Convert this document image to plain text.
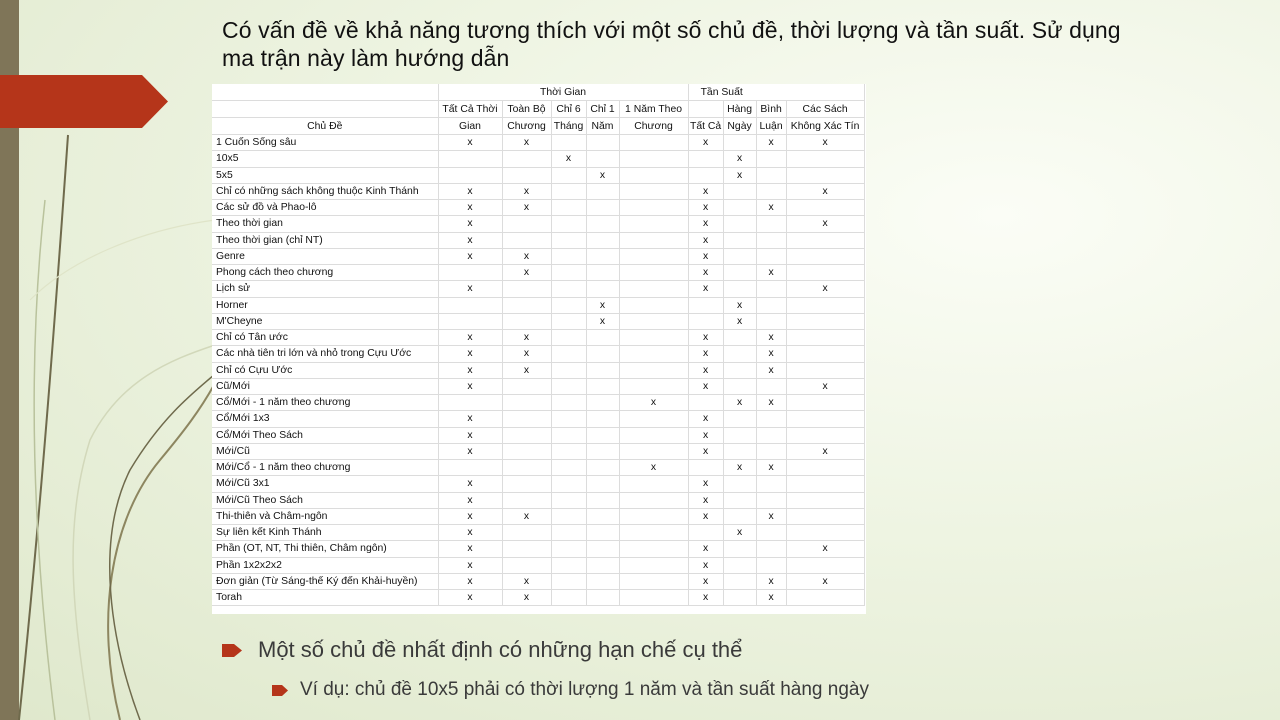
Có vấn đề về khả năng tương thích với một số chủ đề, thời lượng và tần suất. Sử dụng ma trận này làm hướng dẫn
	Thời Gian					Tần Suất			
	Tất Cả Thời	Toàn Bộ	Chỉ 6	Chỉ 1	1 Năm Theo		Hàng	Bình	Các Sách
Chủ Đề	Gian	Chương	Tháng	Năm	Chương	Tất Cả	Ngày	Luận	Không Xác Tín
1 Cuốn Sống sâu	x	x				x		x	x
10x5			x				x		
5x5				x			x		
Chỉ có những sách không thuộc Kinh Thánh	x	x				x			x
Các sử đồ và Phao-lô	x	x				x		x	
Theo thời gian	x					x			x
Theo thời gian (chỉ NT)	x					x			
Genre	x	x				x			
Phong cách theo chương		x				x		x	
Lịch sử	x					x			x
Horner				x			x		
M'Cheyne				x			x		
Chỉ có Tân ước	x	x				x		x	
Các nhà tiên tri lớn và nhỏ trong Cựu Ước	x	x				x		x	
Chỉ có Cựu Ước	x	x				x		x	
Cũ/Mới	x					x			x
Cổ/Mới - 1 năm theo chương					x		x	x	
Cổ/Mới 1x3	x					x			
Cổ/Mới Theo Sách	x					x			
Mới/Cũ	x					x			x
Mới/Cổ - 1 năm theo chương					x		x	x	
Mới/Cũ 3x1	x					x			
Mới/Cũ Theo Sách	x					x			
Thi-thiên và Châm-ngôn	x	x				x		x	
Sự liên kết Kinh Thánh	x						x		
Phần (OT, NT, Thi thiên, Châm ngôn)	x					x			x
Phần 1x2x2x2	x					x			
Đơn giản (Từ Sáng-thế Ký đến Khải-huyền)	x	x				x		x	x
Torah	x	x				x		x	
Một số chủ đề nhất định có những hạn chế cụ thể
Ví dụ: chủ đề 10x5 phải có thời lượng 1 năm và tần suất hàng ngày
